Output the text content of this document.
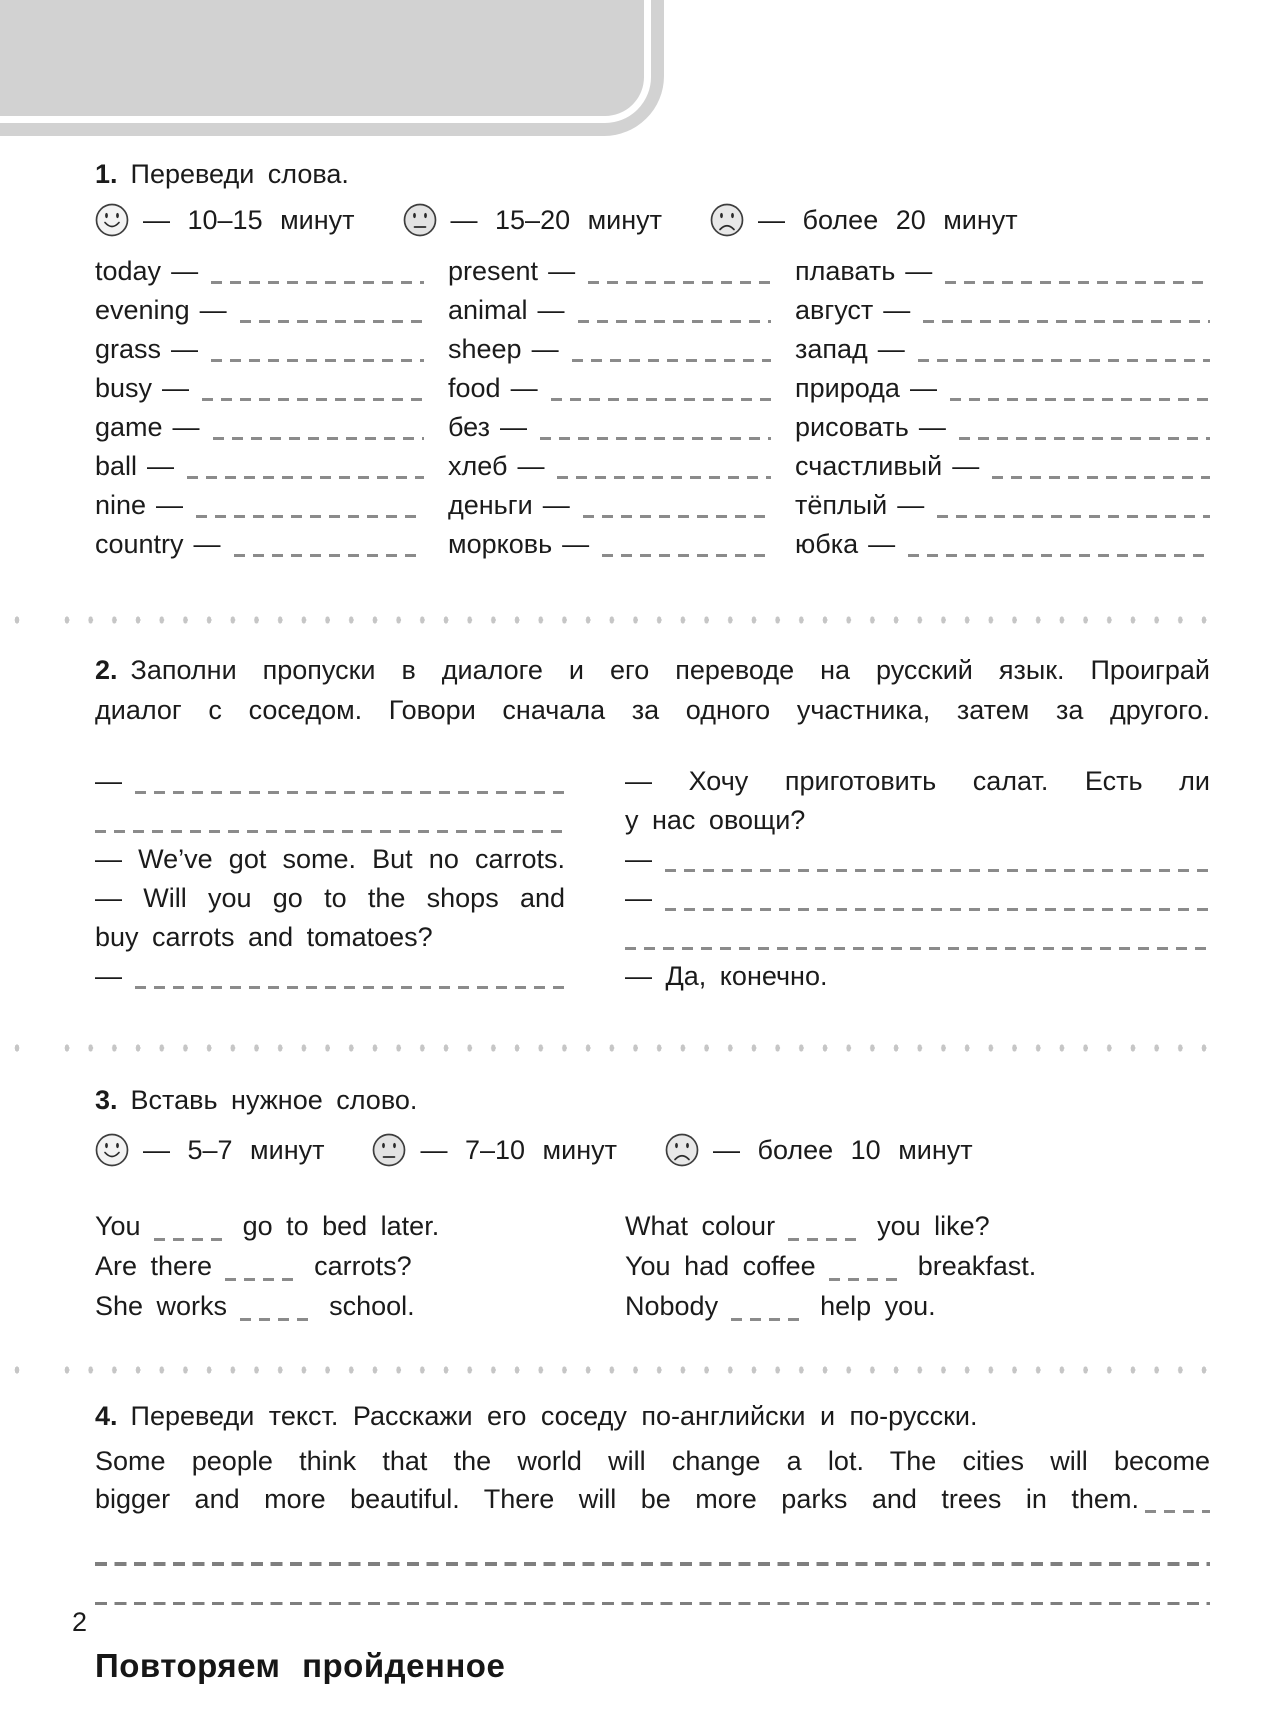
Повторяем пройденное
1. Переведи слова.
— 10–15 минут	— 15–20 минут	— более 20 минут
today —
evening —
grass —
busy —
game —
ball —
nine —
country —
present —
animal —
sheep —
food —
без —
хлеб —
деньги —
морковь —
плавать —
август —
запад —
природа —
рисовать —
счастливый —
тёплый —
юбка —
2. Заполни пропуски в диалоге и его переводе на русский язык. Проиграй
диалог с соседом. Говори сначала за одного участника, затем за другого.
—
— We’ve got some. But no carrots.
— Will you go to the shops and
buy carrots and tomatoes?
—
— Хочу приготовить салат. Есть ли
у нас овощи?
—
—
— Да, конечно.
3. Вставь нужное слово.
— 5–7 минут	— 7–10 минут	— более 10 минут
You	go to bed later.
Are there	carrots?
She works	school.
What colour	you like?
You had coffee	breakfast.
Nobody	help you.
4. Переведи текст. Расскажи его соседу по-английски и по-русски.
Some people think that the world will change a lot. The cities will become
bigger and more beautiful. There will be more parks and trees in them.
2
